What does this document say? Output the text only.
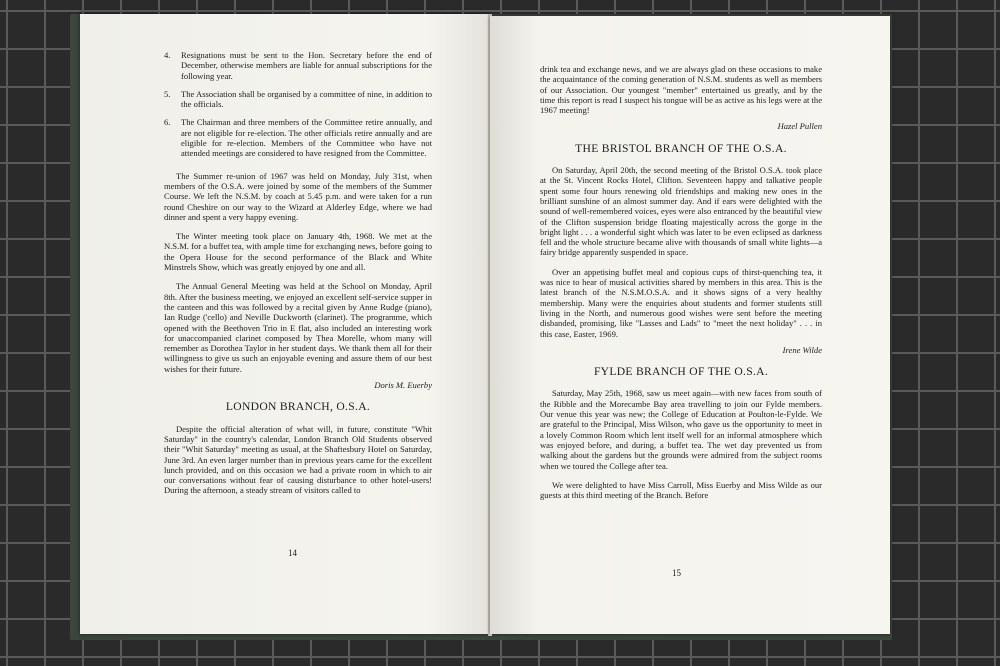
4.	Resignations must be sent to the Hon. Secretary before the end of December, otherwise members are liable for annual subscriptions for the following year.
5.	The Association shall be organised by a committee of nine, in addition to the officials.
6.	The Chairman and three members of the Committee retire annually, and are not eligible for re-election. The other officials retire annually and are eligible for re-election. Members of the Committee who have not attended meetings are considered to have resigned from the Committee.

The Summer re-union of 1967 was held on Monday, July 31st, when members of the O.S.A. were joined by some of the members of the Summer Course. We left the N.S.M. by coach at 5.45 p.m. and were taken for a run round Cheshire on our way to the Wizard at Alderley Edge, where we had dinner and spent a very happy evening.

The Winter meeting took place on January 4th, 1968. We met at the N.S.M. for a buffet tea, with ample time for exchanging news, before going to the Opera House for the second performance of the Black and White Minstrels Show, which was greatly enjoyed by one and all.

The Annual General Meeting was held at the School on Monday, April 8th. After the business meeting, we enjoyed an excellent self-service supper in the canteen and this was followed by a recital given by Anne Rudge (piano), Ian Rudge ('cello) and Neville Duckworth (clarinet). The programme, which opened with the Beethoven Trio in E flat, also included an interesting work for unaccompanied clarinet composed by Thea Morelle, whom many will remember as Dorothea Taylor in her student days. We thank them all for their willingness to give us such an enjoyable evening and assure them of our best wishes for their future.

Doris M. Euerby
LONDON BRANCH, O.S.A.

Despite the official alteration of what will, in future, constitute "Whit Saturday" in the country's calendar, London Branch Old Students observed their "Whit Saturday" meeting as usual, at the Shaftesbury Hotel on Saturday, June 3rd. An even larger number than in previous years came for the excellent lunch provided, and on this occasion we had a private room in which to air our conversations without fear of causing disturbance to other hotel-users! During the afternoon, a steady stream of visitors called to

14

drink tea and exchange news, and we are always glad on these occasions to make the acquaintance of the coming generation of N.S.M. students as well as members of our Association. Our youngest "member" entertained us greatly, and by the time this report is read I suspect his tongue will be as active as his legs were at the 1967 meeting!

Hazel Pullen
THE BRISTOL BRANCH OF THE O.S.A.

On Saturday, April 20th, the second meeting of the Bristol O.S.A. took place at the St. Vincent Rocks Hotel, Clifton. Seventeen happy and talkative people spent some four hours renewing old friendships and making new ones in the brilliant sunshine of an almost summer day. And if ears were delighted with the sound of well-remembered voices, eyes were also entranced by the beautiful view of the Clifton suspension bridge floating majestically across the gorge in the bright light . . . a wonderful sight which was later to be even eclipsed as darkness fell and the whole structure became alive with thousands of small white lights—a fairy bridge apparently suspended in space.

Over an appetising buffet meal and copious cups of thirst-quenching tea, it was nice to hear of musical activities shared by members in this area. This is the latest branch of the N.S.M.O.S.A. and it shows signs of a very healthy membership. Many were the enquiries about students and former students still living in the North, and numerous good wishes were sent before the meeting disbanded, promising, like "Lasses and Lads" to "meet the next holiday" . . . in this case, Easter, 1969.

Irene Wilde
FYLDE BRANCH OF THE O.S.A.

Saturday, May 25th, 1968, saw us meet again—with new faces from south of the Ribble and the Morecambe Bay area travelling to join our Fylde members. Our venue this year was new; the College of Education at Poulton-le-Fylde. We are grateful to the Principal, Miss Wilson, who gave us the opportunity to meet in a lovely Common Room which lent itself well for an informal atmosphere which was enjoyed before, and during, a buffet tea. The wet day prevented us from walking about the gardens but the grounds were admired from the subject rooms when we toured the College after tea.

We were delighted to have Miss Carroll, Miss Euerby and Miss Wilde as our guests at this third meeting of the Branch. Before

15
